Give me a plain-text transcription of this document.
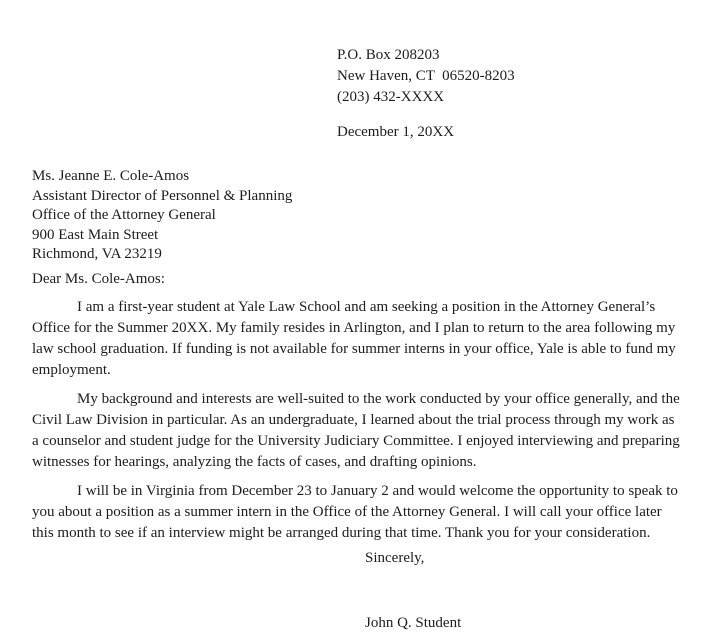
P.O. Box 208203
New Haven, CT  06520-8203
(203) 432-XXXX
December 1, 20XX
Ms. Jeanne E. Cole-Amos
Assistant Director of Personnel & Planning
Office of the Attorney General
900 East Main Street
Richmond, VA 23219
Dear Ms. Cole-Amos:

I am a first-year student at Yale Law School and am seeking a position in the Attorney General’s Office for the Summer 20XX. My family resides in Arlington, and I plan to return to the area following my law school graduation. If funding is not available for summer interns in your office, Yale is able to fund my employment.

My background and interests are well-suited to the work conducted by your office generally, and the Civil Law Division in particular. As an undergraduate, I learned about the trial process through my work as a counselor and student judge for the University Judiciary Committee. I enjoyed interviewing and preparing witnesses for hearings, analyzing the facts of cases, and drafting opinions.

I will be in Virginia from December 23 to January 2 and would welcome the opportunity to speak to you about a position as a summer intern in the Office of the Attorney General. I will call your office later this month to see if an interview might be arranged during that time. Thank you for your consideration.

Sincerely,
John Q. Student
